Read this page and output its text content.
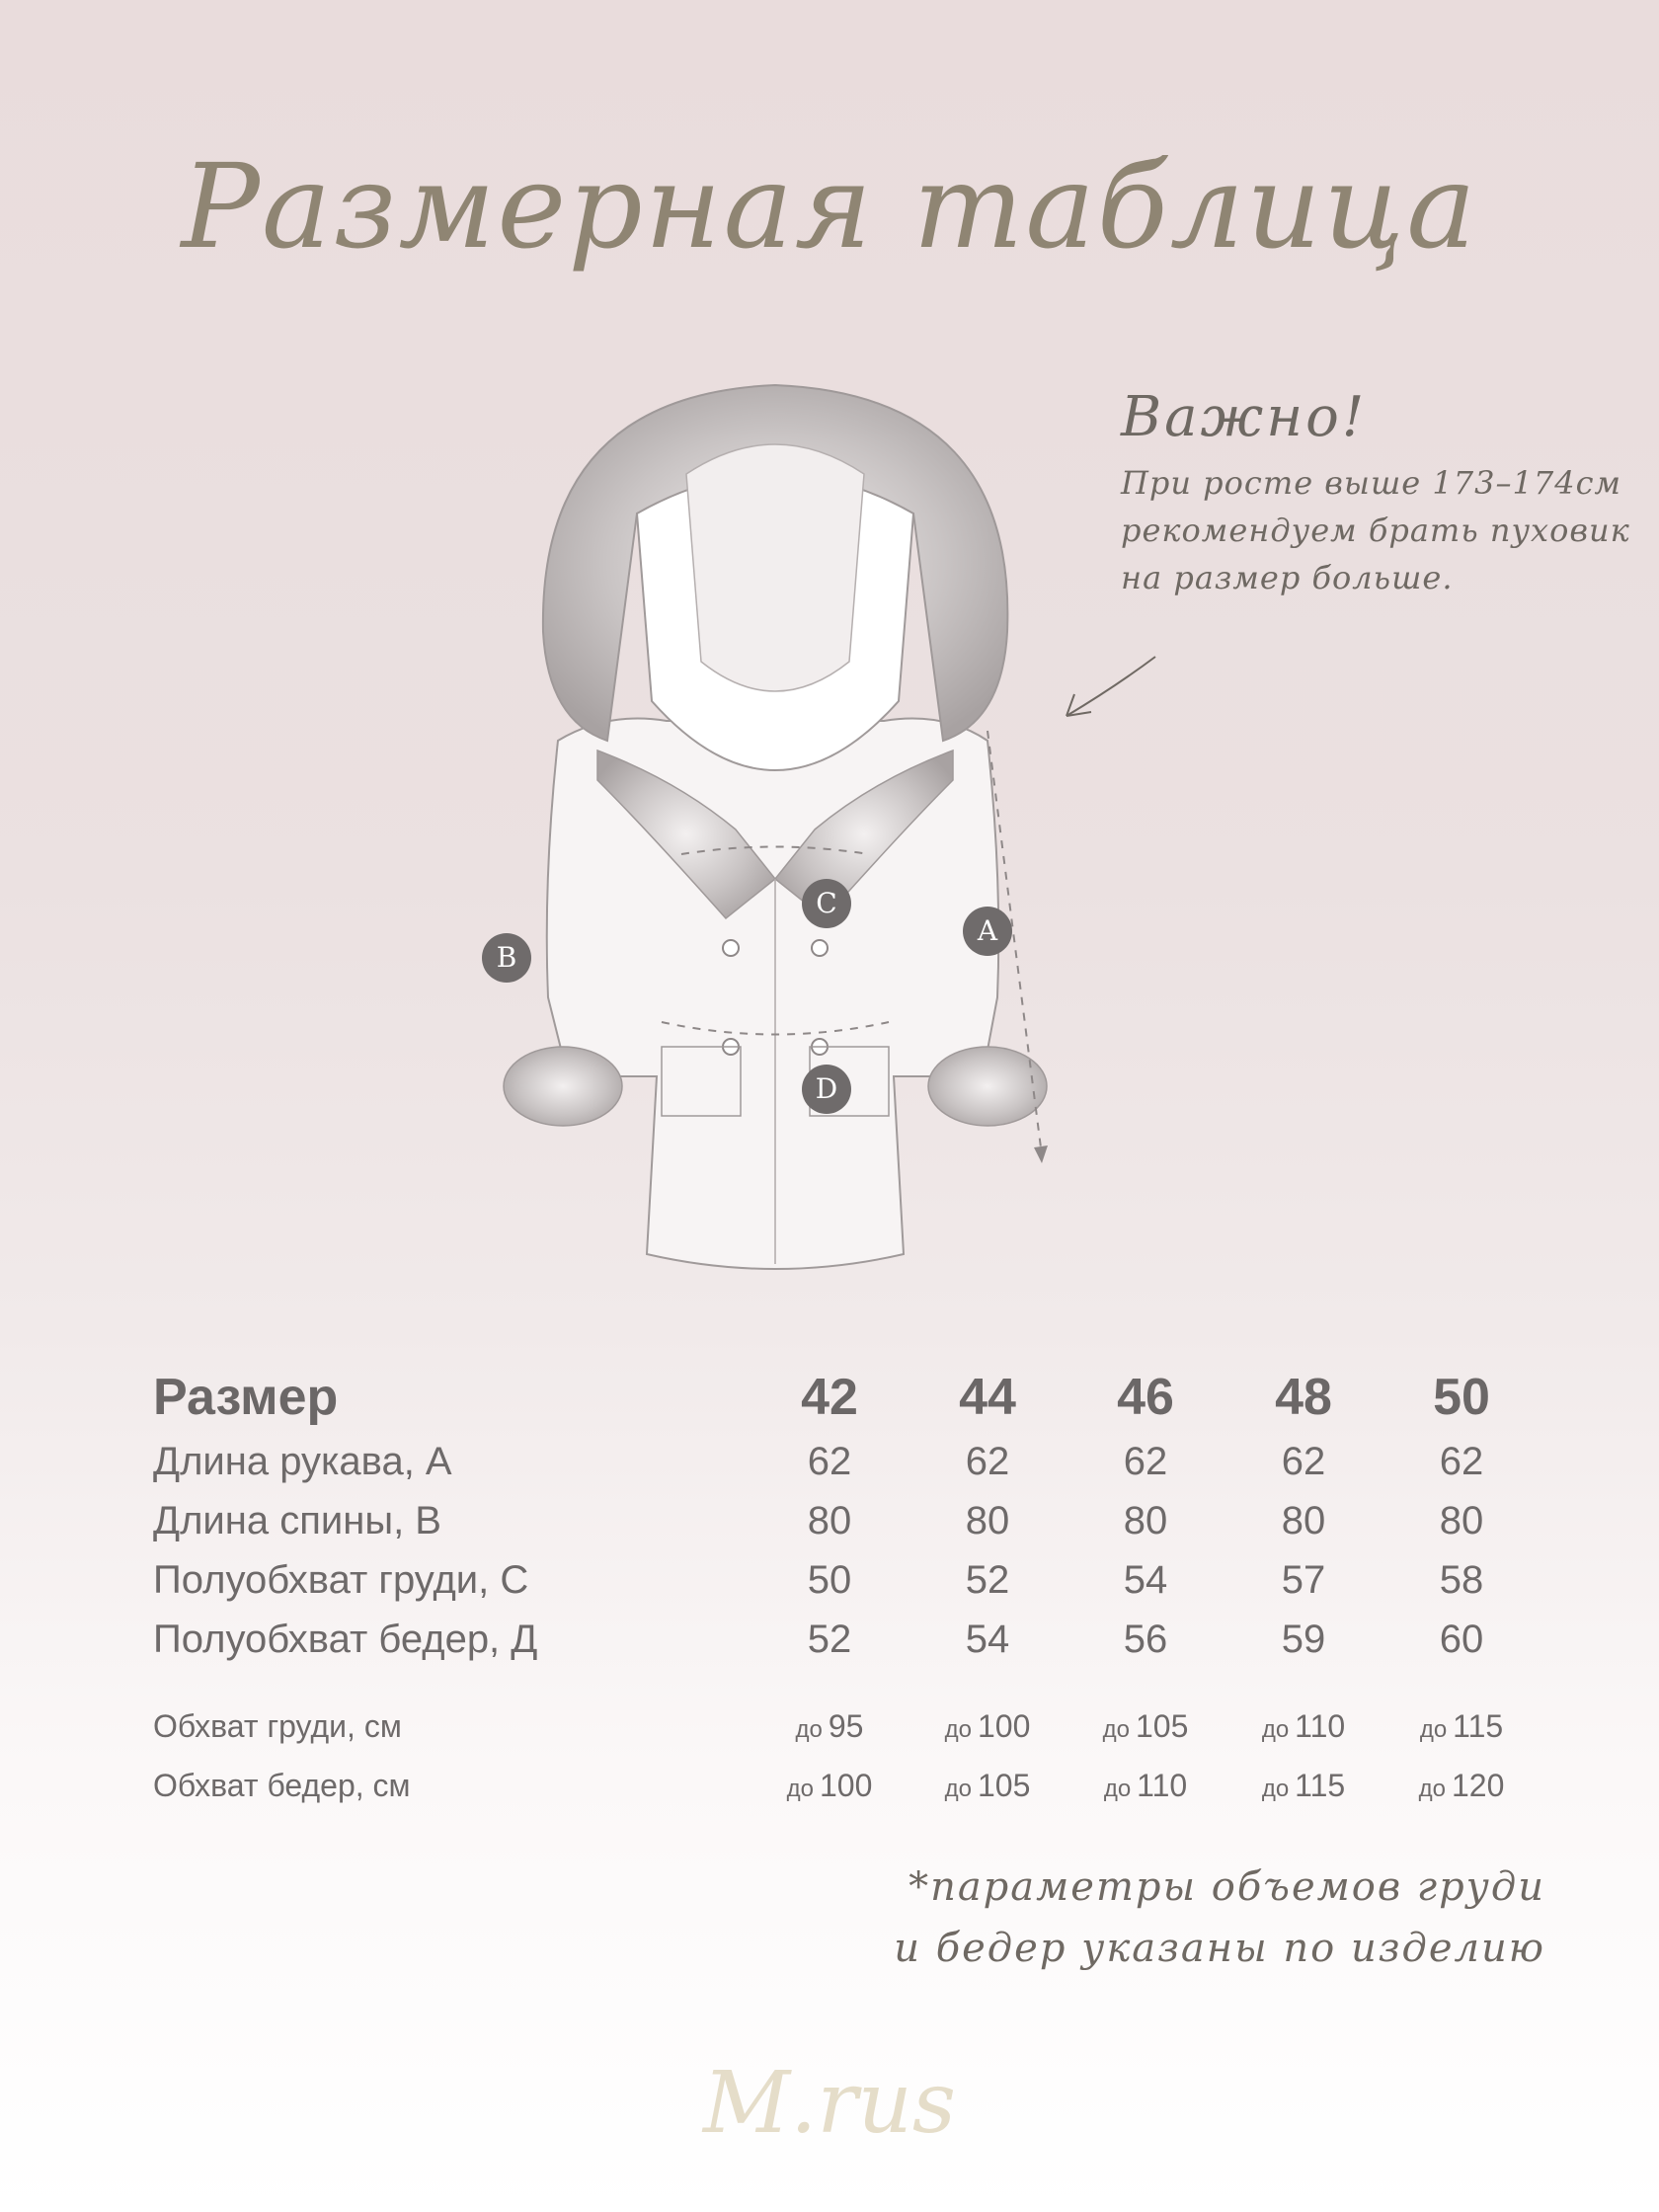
Размерная таблица
C
A
B
D
Важно!
При росте выше 173–174см рекомендуем брать пуховик на размер больше.
Размер	42	44	46	48	50
Длина рукава, А	62	62	62	62	62
Длина спины, В	80	80	80	80	80
Полуобхват груди, С	50	52	54	57	58
Полуобхват бедер, Д	52	54	56	59	60

Обхват груди, см	до 95	до 100	до 105	до 110	до 115
Обхват бедер, см	до 100	до 105	до 110	до 115	до 120
*параметры объемов груди
и бедер указаны по изделию
M.rus
